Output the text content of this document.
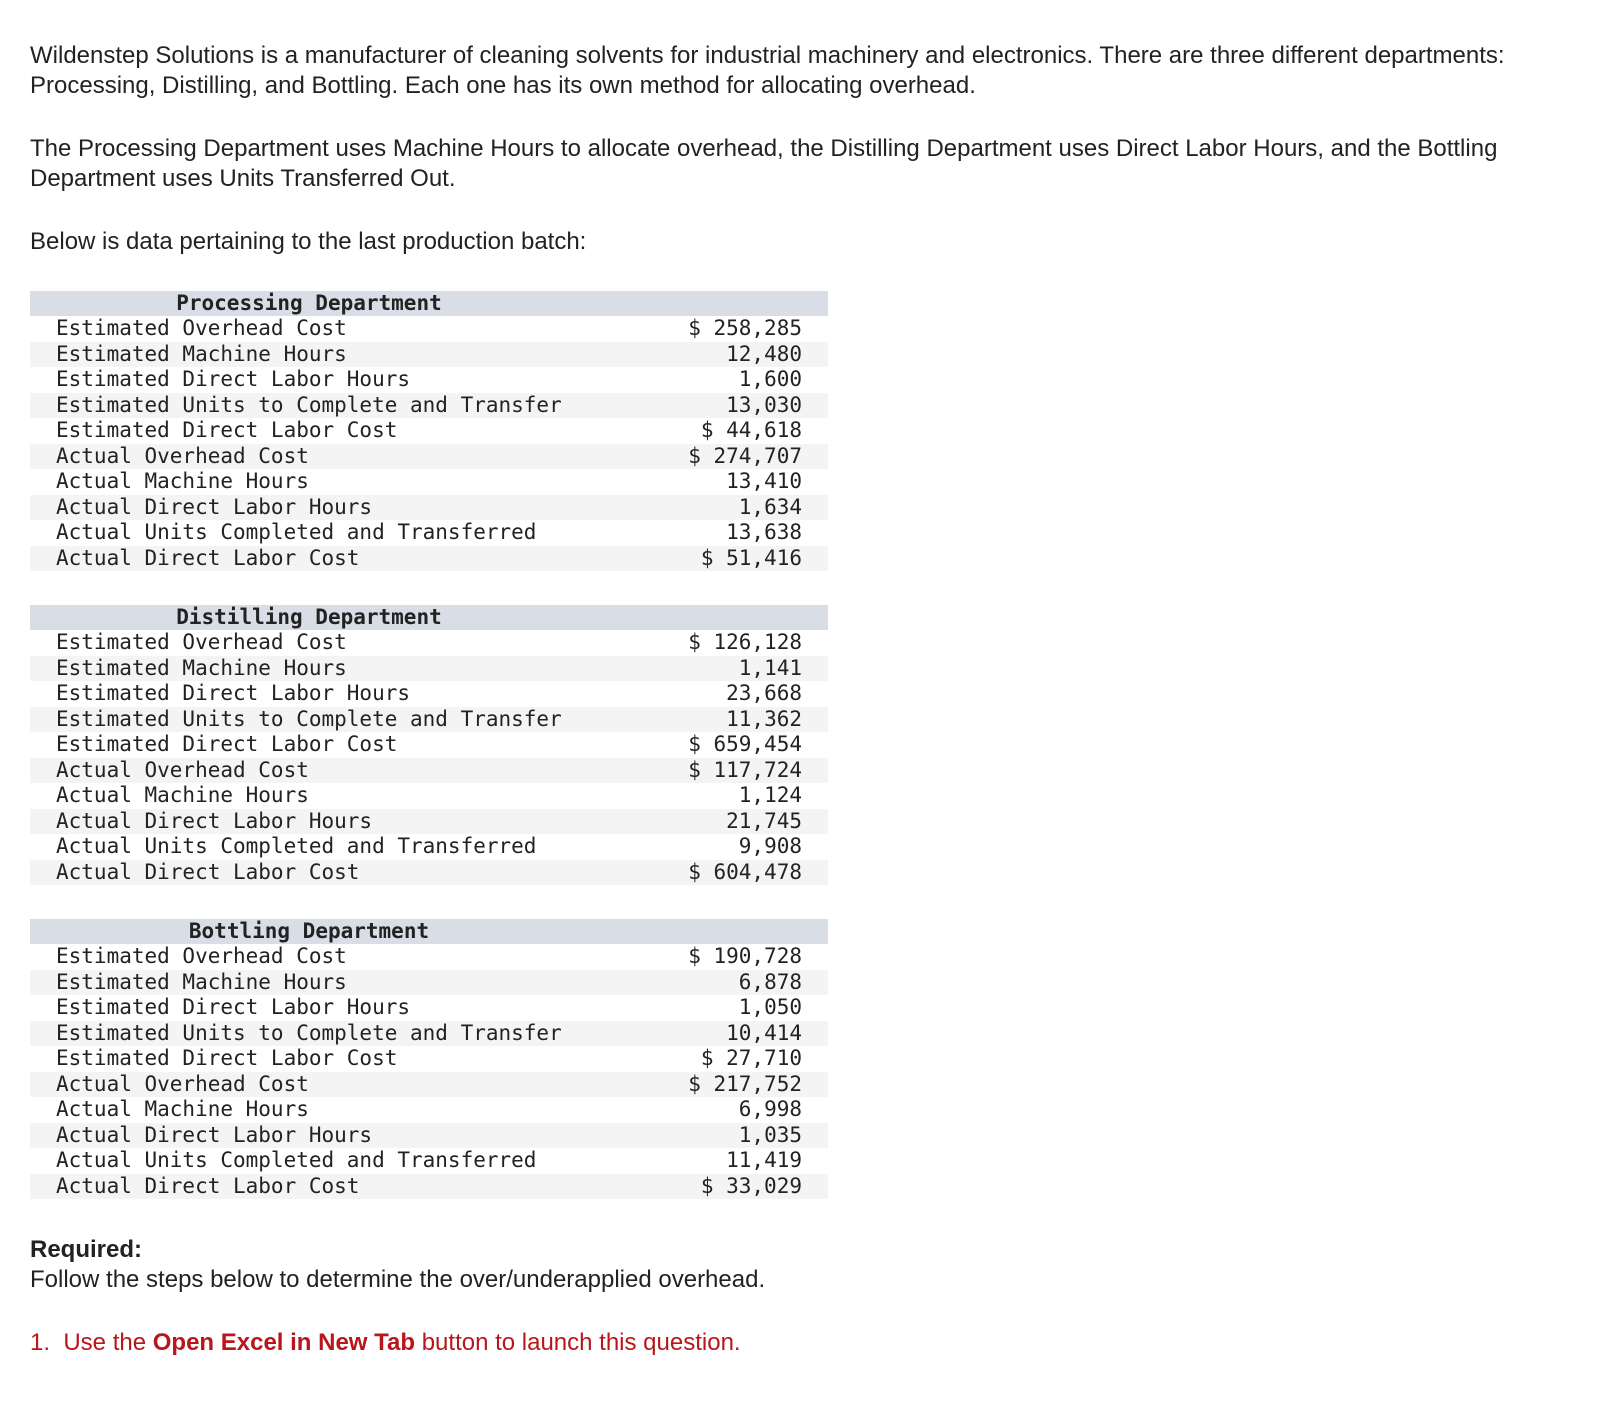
Wildenstep Solutions is a manufacturer of cleaning solvents for industrial machinery and electronics. There are three different departments: Processing, Distilling, and Bottling. Each one has its own method for allocating overhead.

The Processing Department uses Machine Hours to allocate overhead, the Distilling Department uses Direct Labor Hours, and the Bottling Department uses Units Transferred Out.

Below is data pertaining to the last production batch:

Processing Department	

Estimated Overhead Cost	$ 258,285
Estimated Machine Hours	12,480
Estimated Direct Labor Hours	1,600
Estimated Units to Complete and Transfer	13,030
Estimated Direct Labor Cost	$ 44,618
Actual Overhead Cost	$ 274,707
Actual Machine Hours	13,410
Actual Direct Labor Hours	1,634
Actual Units Completed and Transferred	13,638
Actual Direct Labor Cost	$ 51,416
Distilling Department	

Estimated Overhead Cost	$ 126,128
Estimated Machine Hours	1,141
Estimated Direct Labor Hours	23,668
Estimated Units to Complete and Transfer	11,362
Estimated Direct Labor Cost	$ 659,454
Actual Overhead Cost	$ 117,724
Actual Machine Hours	1,124
Actual Direct Labor Hours	21,745
Actual Units Completed and Transferred	9,908
Actual Direct Labor Cost	$ 604,478
Bottling Department	

Estimated Overhead Cost	$ 190,728
Estimated Machine Hours	6,878
Estimated Direct Labor Hours	1,050
Estimated Units to Complete and Transfer	10,414
Estimated Direct Labor Cost	$ 27,710
Actual Overhead Cost	$ 217,752
Actual Machine Hours	6,998
Actual Direct Labor Hours	1,035
Actual Units Completed and Transferred	11,419
Actual Direct Labor Cost	$ 33,029
Required:
Follow the steps below to determine the over/underapplied overhead.
1.  Use the Open Excel in New Tab button to launch this question.
